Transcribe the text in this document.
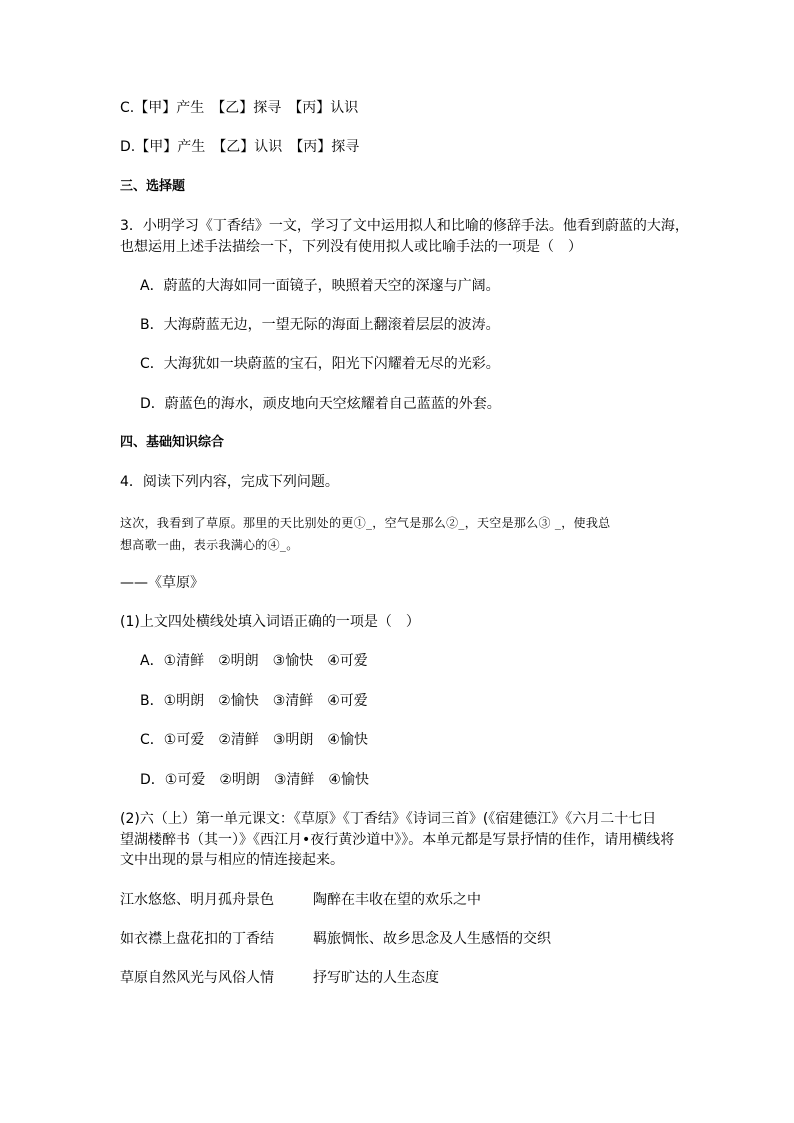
C.【甲】产生　【乙】探寻　【丙】认识
D.【甲】产生　【乙】认识　【丙】探寻
三、选择题
3．小明学习《丁香结》一文，学习了文中运用拟人和比喻的修辞手法。他看到蔚蓝的大海，
也想运用上述手法描绘一下，下列没有使用拟人或比喻手法的一项是（　）
A．蔚蓝的大海如同一面镜子，映照着天空的深邃与广阔。
B．大海蔚蓝无边，一望无际的海面上翻滚着层层的波涛。
C．大海犹如一块蔚蓝的宝石，阳光下闪耀着无尽的光彩。
D．蔚蓝色的海水，顽皮地向天空炫耀着自己蓝蓝的外套。
四、基础知识综合
4．阅读下列内容，完成下列问题。
这次，我看到了草原。那里的天比别处的更①_，空气是那么②_，天空是那么③ _，使我总
想高歌一曲，表示我满心的④_。
——《草原》
(1)上文四处横线处填入词语正确的一项是（　）
A．①清鲜　②明朗　③愉快　④可爱
B．①明朗　②愉快　③清鲜　④可爱
C．①可爱　②清鲜　③明朗　④愉快
D．①可爱　②明朗　③清鲜　④愉快
(2)六（上）第一单元课文：《草原》《丁香结》《诗词三首》(《宿建德江》《六月二十七日
望湖楼醉书（其一）》《西江月•夜行黄沙道中》》。本单元都是写景抒情的佳作，请用横线将
文中出现的景与相应的情连接起来。
江水悠悠、明月孤舟景色	陶醉在丰收在望的欢乐之中
如衣襟上盘花扣的丁香结	羁旅惆怅、故乡思念及人生感悟的交织
草原自然风光与风俗人情	抒写旷达的人生态度
